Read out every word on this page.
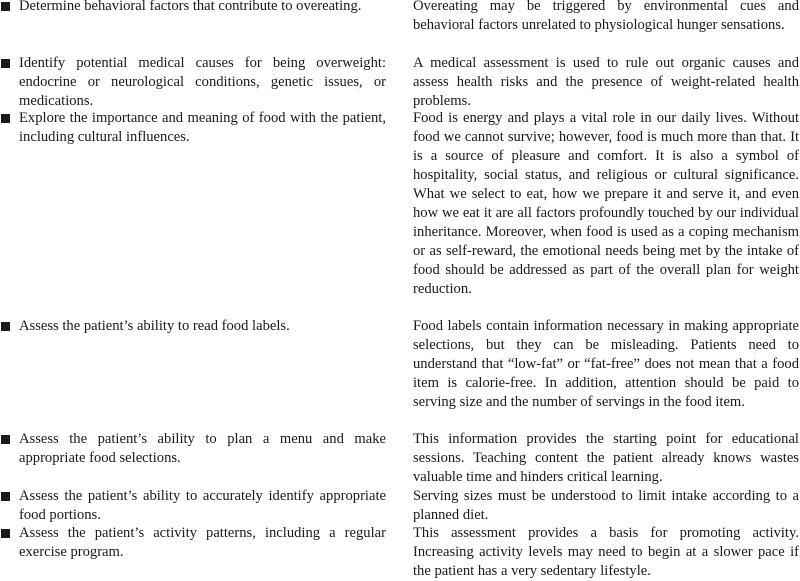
Determine behavioral factors that contribute to overeating.	Overeating may be triggered by environmental cues and behavioral factors unrelated to physiological hunger sensations.
Identify potential medical causes for being overweight: endocrine or neurological conditions, genetic issues, or medications.
A medical assessment is used to rule out organic causes and assess health risks and the presence of weight-related health problems.
Explore the importance and meaning of food with the patient, including cultural influences.
Food is energy and plays a vital role in our daily lives. Without food we cannot survive; however, food is much more than that. It is a source of pleasure and comfort. It is also a symbol of hospitality, social status, and religious or cultural significance. What we select to eat, how we prepare it and serve it, and even how we eat it are all factors profoundly touched by our individual inheritance. Moreover, when food is used as a coping mechanism or as self-reward, the emotional needs being met by the intake of food should be addressed as part of the overall plan for weight reduction.
Assess the patient’s ability to read food labels.	Food labels contain information necessary in making appropriate selections, but they can be misleading. Patients need to understand that “low-fat” or “fat-free” does not mean that a food item is calorie-free. In addition, attention should be paid to serving size and the number of servings in the food item.
Assess the patient’s ability to plan a menu and make appropriate food selections.
This information provides the starting point for educational sessions. Teaching content the patient already knows wastes valuable time and hinders critical learning.
Assess the patient’s ability to accurately identify appropriate food portions.
Serving sizes must be understood to limit intake according to a planned diet.
Assess the patient’s activity patterns, including a regular exercise program.
This assessment provides a basis for promoting activity. Increasing activity levels may need to begin at a slower pace if the patient has a very sedentary lifestyle.
